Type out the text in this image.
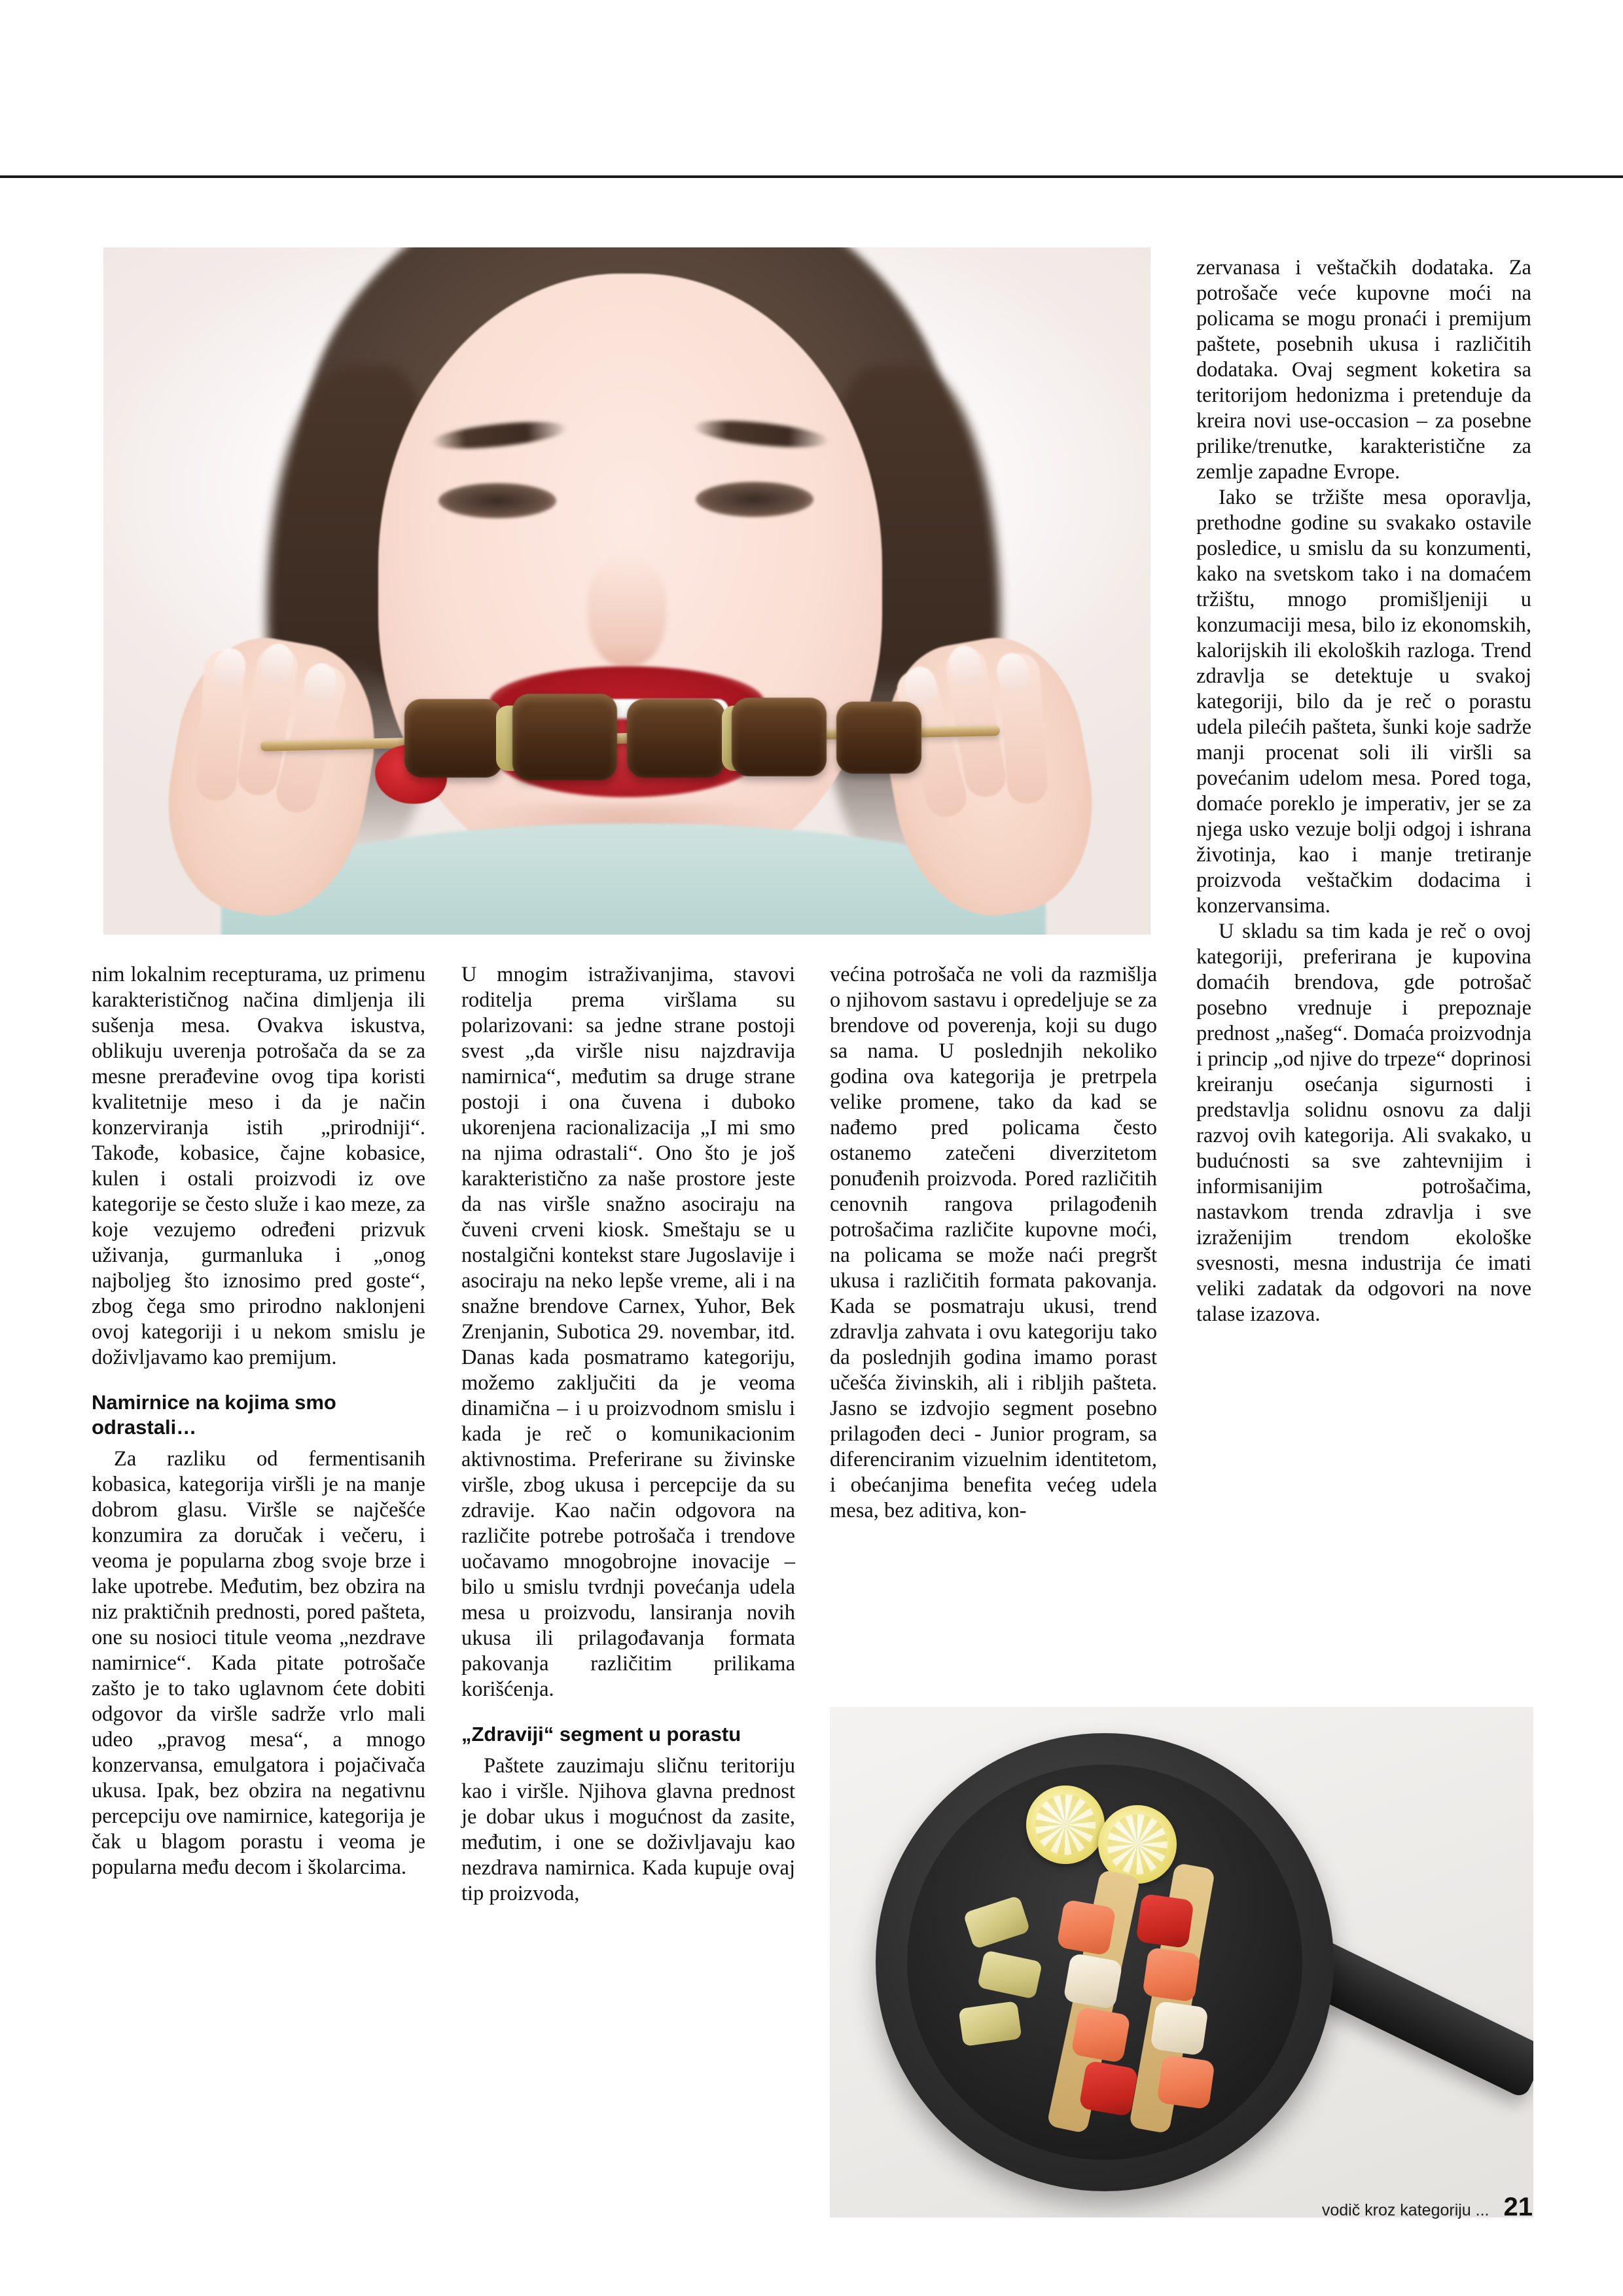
nim lokalnim recepturama, uz primenu karakterističnog načina dimljenja ili sušenja mesa. Ovakva iskustva, oblikuju uverenja potrošača da se za mesne prerađevine ovog tipa koristi kvalitetnije meso i da je način konzerviranja istih „prirodniji“. Takođe, kobasice, čajne kobasice, kulen i ostali proizvodi iz ove kategorije se često služe i kao meze, za koje vezujemo određeni prizvuk uživanja, gurmanluka i „onog najboljeg što iznosimo pred goste“, zbog čega smo prirodno naklonjeni ovoj kategoriji i u nekom smislu je doživljavamo kao premijum.

Namirnice na kojima smo odrastali…

Za razliku od fermentisanih kobasica, kategorija viršli je na manje dobrom glasu. Viršle se najčešće konzumira za doručak i večeru, i veoma je popularna zbog svoje brze i lake upotrebe. Međutim, bez obzira na niz praktičnih prednosti, pored pašteta, one su nosioci titule veoma „nezdrave namirnice“. Kada pitate potrošače zašto je to tako uglavnom ćete dobiti odgovor da viršle sadrže vrlo mali udeo „pravog mesa“, a mnogo konzervansa, emulgatora i pojačivača ukusa. Ipak, bez obzira na negativnu percepciju ove namirnice, kategorija je čak u blagom porastu i veoma je popularna među decom i školarcima.

U mnogim istraživanjima, stavovi roditelja prema viršlama su polarizovani: sa jedne strane postoji svest „da viršle nisu najzdravija namirnica“, međutim sa druge strane postoji i ona čuvena i duboko ukorenjena racionalizacija „I mi smo na njima odrastali“. Ono što je još karakteristično za naše prostore jeste da nas viršle snažno asociraju na čuveni crveni kiosk. Smeštaju se u nostalgični kontekst stare Jugoslavije i asociraju na neko lepše vreme, ali i na snažne brendove Carnex, Yuhor, Bek Zrenjanin, Subotica 29. novembar, itd. Danas kada posmatramo kategoriju, možemo zaključiti da je veoma dinamična – i u proizvodnom smislu i kada je reč o komunikacionim aktivnostima. Preferirane su živinske viršle, zbog ukusa i percepcije da su zdravije. Kao način odgovora na različite potrebe potrošača i trendove uočavamo mnogobrojne inovacije – bilo u smislu tvrdnji povećanja udela mesa u proizvodu, lansiranja novih ukusa ili prilagođavanja formata pakovanja različitim prilikama korišćenja.

„Zdraviji“ segment u porastu

Paštete zauzimaju sličnu teritoriju kao i viršle. Njihova glavna prednost je dobar ukus i mogućnost da zasite, međutim, i one se doživljavaju kao nezdrava namirnica. Kada kupuje ovaj tip proizvoda,

većina potrošača ne voli da razmišlja o njihovom sastavu i opredeljuje se za brendove od poverenja, koji su dugo sa nama. U poslednjih nekoliko godina ova kategorija je pretrpela velike promene, tako da kad se nađemo pred policama često ostanemo zatečeni diverzitetom ponuđenih proizvoda. Pored različitih cenovnih rangova prilagođenih potrošačima različite kupovne moći, na policama se može naći pregršt ukusa i različitih formata pakovanja. Kada se posmatraju ukusi, trend zdravlja zahvata i ovu kategoriju tako da poslednjih godina imamo porast učešća živinskih, ali i ribljih pašteta. Jasno se izdvojio segment posebno prilagođen deci - Junior program, sa diferenciranim vizuelnim identitetom, i obećanjima benefita većeg udela mesa, bez aditiva, kon-

zervanasa i veštačkih dodataka. Za potrošače veće kupovne moći na policama se mogu pronaći i premijum paštete, posebnih ukusa i različitih dodataka. Ovaj segment koketira sa teritorijom hedonizma i pretenduje da kreira novi use-occasion – za posebne prilike/trenutke, karakteristične za zemlje zapadne Evrope.

Iako se tržište mesa oporavlja, prethodne godine su svakako ostavile posledice, u smislu da su konzumenti, kako na svetskom tako i na domaćem tržištu, mnogo promišljeniji u konzumaciji mesa, bilo iz ekonomskih, kalorijskih ili ekoloških razloga. Trend zdravlja se detektuje u svakoj kategoriji, bilo da je reč o porastu udela pilećih pašteta, šunki koje sadrže manji procenat soli ili viršli sa povećanim udelom mesa. Pored toga, domaće poreklo je imperativ, jer se za njega usko vezuje bolji odgoj i ishrana životinja, kao i manje tretiranje proizvoda veštačkim dodacima i konzervansima.

U skladu sa tim kada je reč o ovoj kategoriji, preferirana je kupovina domaćih brendova, gde potrošač posebno vrednuje i prepoznaje prednost „našeg“. Domaća proizvodnja i princip „od njive do trpeze“ doprinosi kreiranju osećanja sigurnosti i predstavlja solidnu osnovu za dalji razvoj ovih kategorija. Ali svakako, u budućnosti sa sve zahtevnijim i informisanijim potrošačima, nastavkom trenda zdravlja i sve izraženijim trendom ekološke svesnosti, mesna industrija će imati veliki zadatak da odgovori na nove talase izazova.

vodič kroz kategoriju ... 21
